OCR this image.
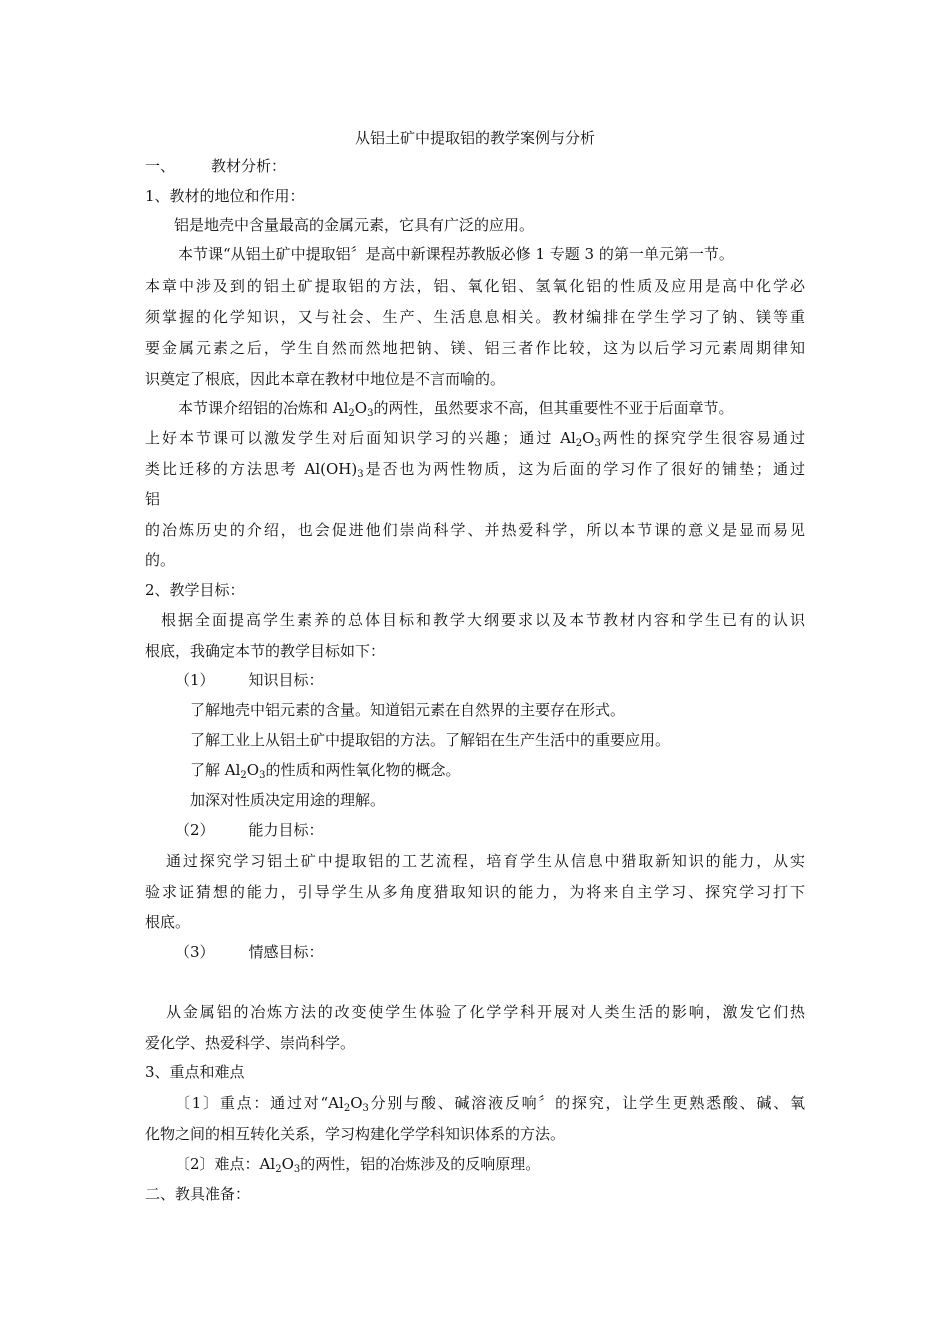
从铝土矿中提取铝的教学案例与分析
一、 教材分析：
1、教材的地位和作用：
铝是地壳中含量最高的金属元素，它具有广泛的应用。
本节课“从铝土矿中提取铝〞是高中新课程苏教版必修 1 专题 3 的第一单元第一节。
本章中涉及到的铝土矿提取铝的方法，铝、氧化铝、氢氧化铝的性质及应用是高中化学必
须掌握的化学知识，又与社会、生产、生活息息相关。教材编排在学生学习了钠、镁等重
要金属元素之后，学生自然而然地把钠、镁、铝三者作比较，这为以后学习元素周期律知
识奠定了根底，因此本章在教材中地位是不言而喻的。
本节课介绍铝的冶炼和 $Al_2O_3$的两性，虽然要求不高，但其重要性不亚于后面章节。
上好本节课可以激发学生对后面知识学习的兴趣；通过 $Al_2O_3$两性的探究学生很容易通过
类比迁移的方法思考 $Al(OH)_3$是否也为两性物质，这为后面的学习作了很好的铺垫；通过
铝
的冶炼历史的介绍，也会促进他们崇尚科学、并热爱科学，所以本节课的意义是显而易见
的。
2、教学目标：
根据全面提高学生素养的总体目标和教学大纲要求以及本节教材内容和学生已有的认识
根底，我确定本节的教学目标如下：
（1） 知识目标：
了解地壳中铝元素的含量。知道铝元素在自然界的主要存在形式。
了解工业上从铝土矿中提取铝的方法。了解铝在生产生活中的重要应用。
了解 $Al_2O_3$的性质和两性氧化物的概念。
加深对性质决定用途的理解。
（2） 能力目标：
通过探究学习铝土矿中提取铝的工艺流程，培育学生从信息中猎取新知识的能力，从实
验求证猜想的能力，引导学生从多角度猎取知识的能力，为将来自主学习、探究学习打下
根底。
（3） 情感目标：
从金属铝的冶炼方法的改变使学生体验了化学学科开展对人类生活的影响，激发它们热
爱化学、热爱科学、崇尚科学。
3、重点和难点
〔1〕重点：通过对“$Al_2O_3$分别与酸、碱溶液反响〞的探究，让学生更熟悉酸、碱、氧
化物之间的相互转化关系，学习构建化学学科知识体系的方法。
〔2〕难点：$Al_2O_3$的两性，铝的冶炼涉及的反响原理。
二、教具准备：
